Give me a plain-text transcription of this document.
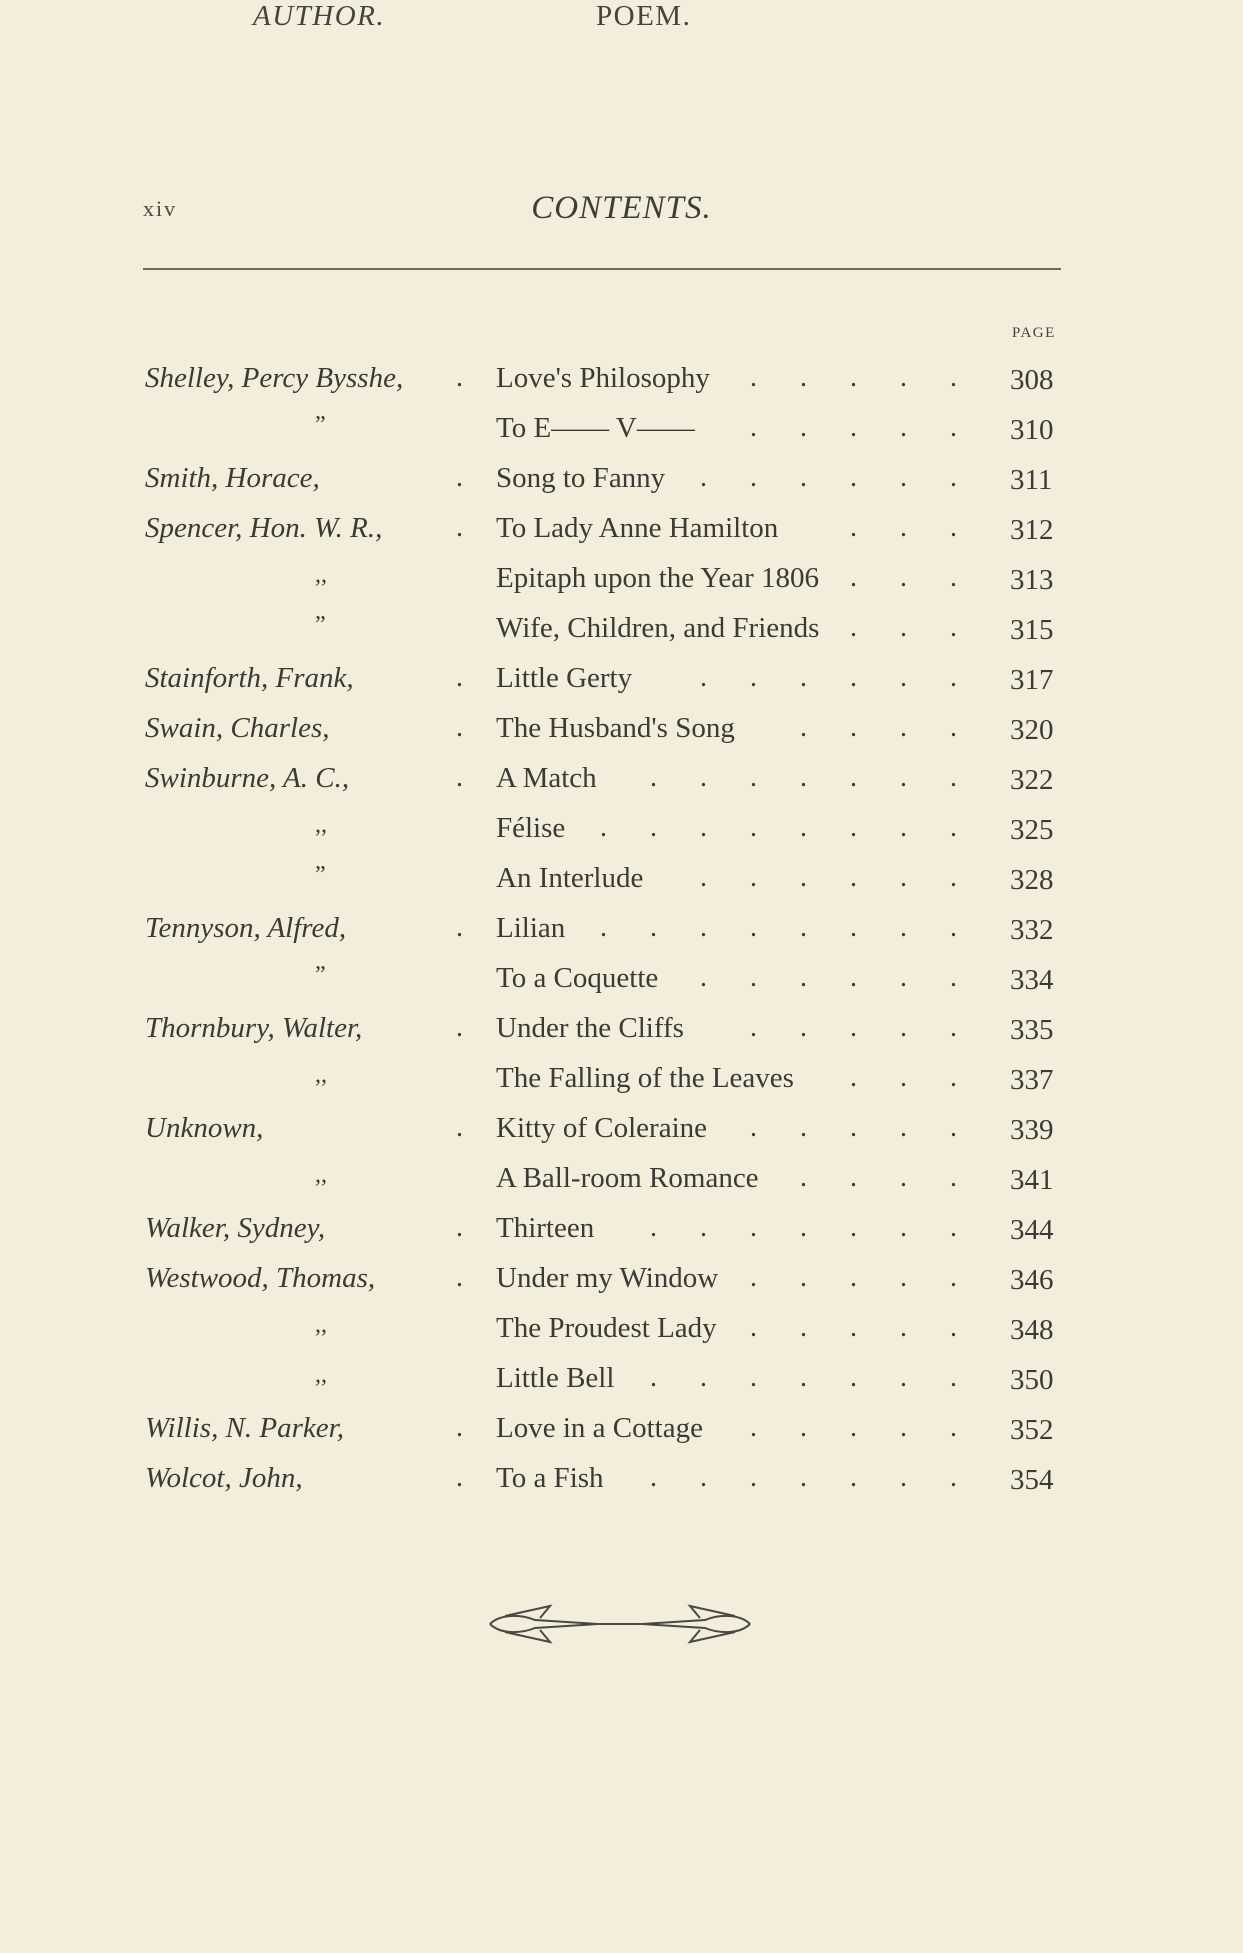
xiv	CONTENTS.
AUTHOR.	POEM.
PAGE
Shelley, Percy Bysshe, . Love's Philosophy	308
. . . . .
”	To E—— V——	310
. . . . .
Smith, Horace,	. Song to Fanny	311
. . . . . .
Spencer, Hon. W. R.,	. To Lady Anne Hamilton	312
. . .
,,	Epitaph upon the Year 1806	313
. . .
”	Wife, Children, and Friends	315
. . .
Stainforth, Frank,	. Little Gerty	317
. . . . . .
Swain, Charles,	. The Husband's Song	320
. . . .
Swinburne, A. C.,	. A Match	322
. . . . . . .
,,	Félise	325
. . . . . . . .
”	An Interlude	328
. . . . . .
Tennyson, Alfred,	. Lilian	332
. . . . . . . .
”	To a Coquette	334
. . . . . .
Thornbury, Walter,	. Under the Cliffs	335
. . . . .
,,	The Falling of the Leaves	337
. . .
Unknown,	. Kitty of Coleraine	339
. . . . .
,,	A Ball-room Romance	341
. . . .
Walker, Sydney,	. Thirteen	344
. . . . . . .
Westwood, Thomas,	. Under my Window	346
. . . . .
,,	The Proudest Lady	348
. . . . .
,,	Little Bell	350
. . . . . . .
Willis, N. Parker,	. Love in a Cottage	352
. . . . .
Wolcot, John,	. To a Fish	354
. . . . . . .
